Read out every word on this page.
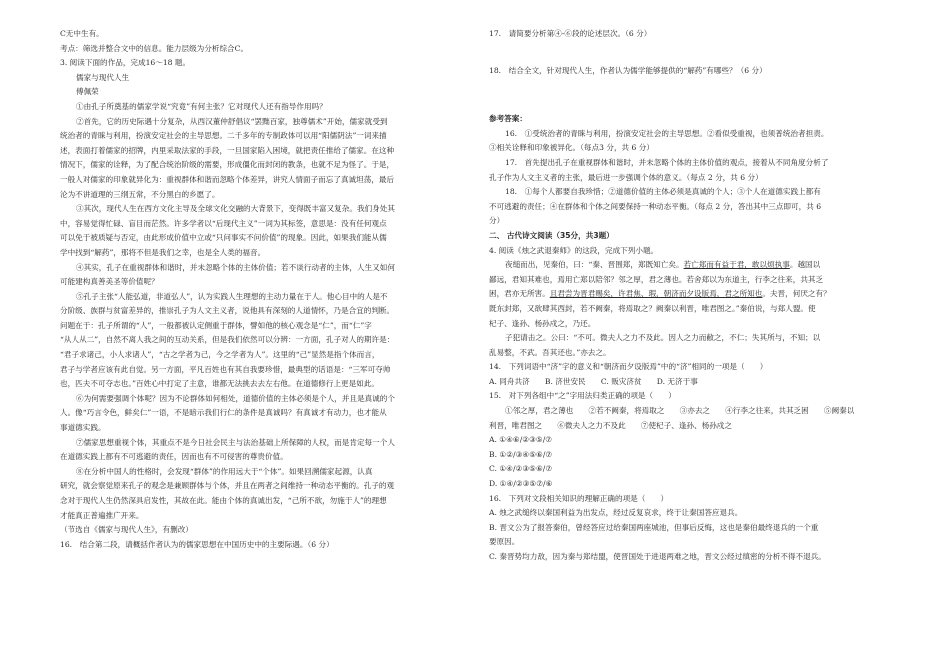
C无中生有。
考点：筛选并整合文中的信息。能力层级为分析综合C。
3. 阅读下面的作品，完成16～18 题。
儒家与现代人生
傅佩荣
①由孔子所奠基的儒家学说“究竟”有何主张？它对现代人还有指导作用吗？
②首先，它的历史际遇十分复杂，从西汉董仲舒倡议“罢黜百家，独尊儒术”开始，儒家就受到
统治者的青睐与利用，扮演安定社会的主导思想。二千多年的专制政体可以用“阳儒阴法”一词来描
述，表面打着儒家的招牌，内里采取法家的手段，一旦国家陷入困境，就把责任推给了儒家。在这种
情况下，儒家的诠释，为了配合统治阶级的需要，形成僵化而封闭的教条，也就不足为怪了。于是，
一般人对儒家的印象就异化为：重视群体和谐而忽略个体差异，讲究人情面子而忘了真诚坦荡，最后
沦为不讲道理的三纲五常，不分黑白的乡愿了。
③其次，现代人生在西方文化主导及全球文化交融的大背景下，变得既丰富又复杂。我们身处其
中，容易觉得忙碌、盲目而茫然。许多学者以“后现代主义”一词为其标签，意思是：没有任何观点
可以免于被质疑与否定，由此形成价值中立或“只问事实不问价值”的现象。因此，如果我们能从儒
学中找到“解药”，那将不但是我们之幸，也是全人类的福音。
④其实，孔子在重视群体和谐时，并未忽略个体的主体价值；若不谈行动者的主体，人生又如何
可能建构真善美圣等价值呢？
⑤孔子主张“人能弘道，非道弘人”，认为实践人生理想的主动力量在于人。他心目中的人是不
分阶级、族群与贫富差异的，推崇孔子为人文主义者，说他具有深刻的人道情怀，乃是合宜的判断。
问题在于：孔子所谓的“人”，一般都被认定侧重于群体，譬如他的核心观念是“仁”，而“仁”字
“从人从二”，自然不离人我之间的互动关系，但是我们依然可以分辨：一方面，孔子对人的期许是：
“君子求诸己，小人求诸人”，“古之学者为己，今之学者为人”。这里的“己”显然是指个体而言，
君子与学者应该有此自觉。另一方面，平凡百姓也有其自我要珍惜，最典型的话语是：“三军可夺帅
也，匹夫不可夺志也。”百姓心中打定了主意，谁都无法挑去去左右他。在道德修行上更是如此。
⑥为何需要强调个体呢？因为不论群体如何相处，道德价值的主体必须是个人，并且是真诚的个
人。像“巧言令色，鲜矣仁”一语，不是暗示我们行仁的条件是真诚吗？有真诚才有动力，也才能从
事道德实践。
⑦儒家思想重视个体，其重点不是今日社会民主与法治基础上所保障的人权，而是肯定每一个人
在道德实践上都有不可逃避的责任，因而也有不可侵害的尊贵价值。
⑧在分析中国人的性格时，会发现“群体”的作用远大于“个体”。如果回溯儒家起源，认真
研究，就会察觉原来孔子的观念是兼顾群体与个体，并且在两者之间维持一种动态平衡的。孔子的观
念对于现代人生仍然深具启发性，其故在此。能由个体的真诚出发，“己所不欲，勿施于人”的理想
才能真正普遍推广开来。
（节选自《儒家与现代人生》，有删改）
16.　结合第二段，请概括作者认为的儒家思想在中国历史中的主要际遇。（6 分）
17.　请简要分析第④-⑥段的论述层次。（6 分）
18.　结合全文，针对现代人生，作者认为儒学能够提供的“解药”有哪些？（6 分）
参考答案：
16.　①受统治者的青睐与利用，扮演安定社会的主导思想。②看似受重视，也须普统治者担责。
③相关诠释和印象被异化。（每点3 分，共 6 分）
17.　首先提出孔子在重视群体和谐时，并未忽略个体的主体价值的观点，接着从不同角度分析了
孔子作为人文主义者的主张，最后进一步强调个体的意义。（每点 2 分，共 6 分）
18.　①每个人都要自我珍惜；②道德价值的主体必须是真诚的个人；③个人在道德实践上都有
不可逃避的责任；④在群体和个体之间要保持一种动态平衡。（每点 2 分，答出其中三点即可，共 6
分）
二、 古代诗文阅读（35分，共3题）
4. 阅读《烛之武退秦师》的这段，完成下列小题。
夜缒而出，见秦伯，曰：“秦、晋围郑，郑既知亡矣。若亡郑而有益于君，敢以烦执事。越国以
鄙远，君知其难也，焉用亡郑以陪邻？邻之厚，君之薄也。若舍郑以为东道主，行李之往来，共其乏
困，君亦无所害。且君尝为晋君赐矣，许君焦、瑕，朝济而夕设版焉，君之所知也。夫晋，何厌之有？
既东封郑，又欲肆其西封，若不阙秦，将焉取之？阙秦以利晋，唯君图之。”秦伯说，与郑人盟。使
杞子、逢孙、杨孙戍之，乃还。
子犯请击之。公曰：“不可。微夫人之力不及此。因人之力而敝之，不仁；失其所与，不知；以
乱易整，不武。吾其还也。”亦去之。
14.　下列词语中“济”字的意义和“朝济而夕设版焉”中的“济”相同的一项是（　　）
A. 同舟共济　　B. 济世安民　　C. 贩灾济贫　　D. 无济于事
15.　对下列各组中“之”字用法归类正确的项是（　　）
①邻之厚，君之薄也　　②若不阙秦，将焉取之　　③亦去之　　④行李之往来，共其乏困　　⑤阙秦以
利晋，唯君图之　　⑥微夫人之力不及此　　⑦使杞子、逢孙、杨孙戍之
A. ①④⑥/②③⑤/⑦
B. ①②/③④⑤⑥/⑦
C. ①④/②③⑤⑥/⑦
D. ①④/②③⑤⑦/⑥
16.　下列对文段相关知识的理解正确的项是（　　）
A. 烛之武缒终以秦国利益为出发点，经过反复哀求，终于让秦国答应退兵。
B. 晋文公为了报答秦伯，曾经答应过给秦国两座城池，但事后反悔，这也是秦伯最终退兵的一个重
要原因。
C. 秦晋势均力敌，因为秦与郑结盟，使晋国处于进退两难之地，晋文公经过缜密的分析不得不退兵。
